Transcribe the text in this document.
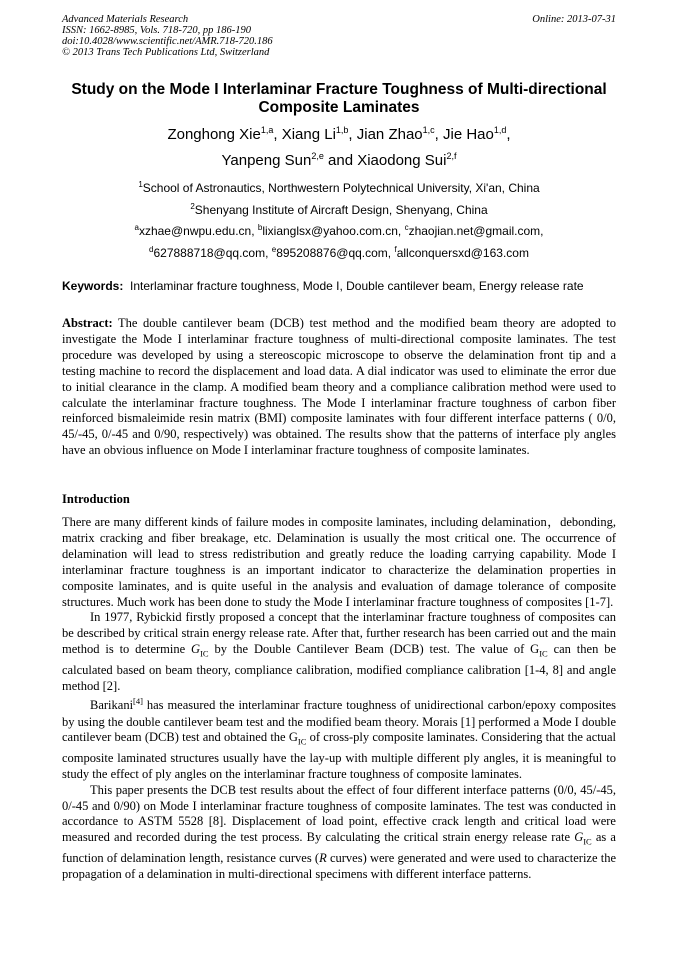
Advanced Materials Research
ISSN: 1662-8985, Vols. 718-720, pp 186-190
doi:10.4028/www.scientific.net/AMR.718-720.186
© 2013 Trans Tech Publications Ltd, Switzerland
Online: 2013-07-31
Study on the Mode I Interlaminar Fracture Toughness of Multi-directional Composite Laminates
Zonghong Xie$^{1,a}$, Xiang Li$^{1,b}$, Jian Zhao$^{1,c}$, Jie Hao$^{1,d}$,
Yanpeng Sun$^{2,e}$ and Xiaodong Sui$^{2,f}$
$^1$School of Astronautics, Northwestern Polytechnical University, Xi'an, China
$^2$Shenyang Institute of Aircraft Design, Shenyang, China
$^a$xzhae@nwpu.edu.cn, $^b$lixianglsx@yahoo.com.cn, $^c$zhaojian.net@gmail.com,
$^d$627888718@qq.com, $^e$895208876@qq.com, $^f$allconquersxd@163.com
Keywords: Interlaminar fracture toughness, Mode I, Double cantilever beam, Energy release rate
Abstract: The double cantilever beam (DCB) test method and the modified beam theory are adopted to investigate the Mode I interlaminar fracture toughness of multi-directional composite laminates. The test procedure was developed by using a stereoscopic microscope to observe the delamination front tip and a testing machine to record the displacement and load data. A dial indicator was used to eliminate the error due to initial clearance in the clamp. A modified beam theory and a compliance calibration method were used to calculate the interlaminar fracture toughness. The Mode I interlaminar fracture toughness of carbon fiber reinforced bismaleimide resin matrix (BMI) composite laminates with four different interface patterns ( 0/0, 45/-45, 0/-45 and 0/90, respectively) was obtained. The results show that the patterns of interface ply angles have an obvious influence on Mode I interlaminar fracture toughness of composite laminates.
Introduction

There are many different kinds of failure modes in composite laminates, including delamination，debonding, matrix cracking and fiber breakage, etc. Delamination is usually the most critical one. The occurrence of delamination will lead to stress redistribution and greatly reduce the loading carrying capability. Mode I interlaminar fracture toughness is an important indicator to characterize the delamination properties in composite laminates, and is quite useful in the analysis and evaluation of damage tolerance of composite structures. Much work has been done to study the Mode I interlaminar fracture toughness of composites [1-7].

In 1977, Rybickid firstly proposed a concept that the interlaminar fracture toughness of composites can be described by critical strain energy release rate. After that, further research has been carried out and the main method is to determine $G_{IC}$ by the Double Cantilever Beam (DCB) test. The value of $G_{IC}$ can then be calculated based on beam theory, compliance calibration, modified compliance calibration [1-4, 8] and angle method [2].

Barikani[4] has measured the interlaminar fracture toughness of unidirectional carbon/epoxy composites by using the double cantilever beam test and the modified beam theory. Morais [1] performed a Mode I double cantilever beam (DCB) test and obtained the $G_{IC}$ of cross-ply composite laminates. Considering that the actual composite laminated structures usually have the lay-up with multiple different ply angles, it is meaningful to study the effect of ply angles on the interlaminar fracture toughness of composite laminates.

This paper presents the DCB test results about the effect of four different interface patterns (0/0, 45/-45, 0/-45 and 0/90) on Mode I interlaminar fracture toughness of composite laminates. The test was conducted in accordance to ASTM 5528 [8]. Displacement of load point, effective crack length and critical load were measured and recorded during the test process. By calculating the critical strain energy release rate $G_{IC}$ as a function of delamination length, resistance curves (R curves) were generated and were used to characterize the propagation of a delamination in multi-directional specimens with different interface patterns.
